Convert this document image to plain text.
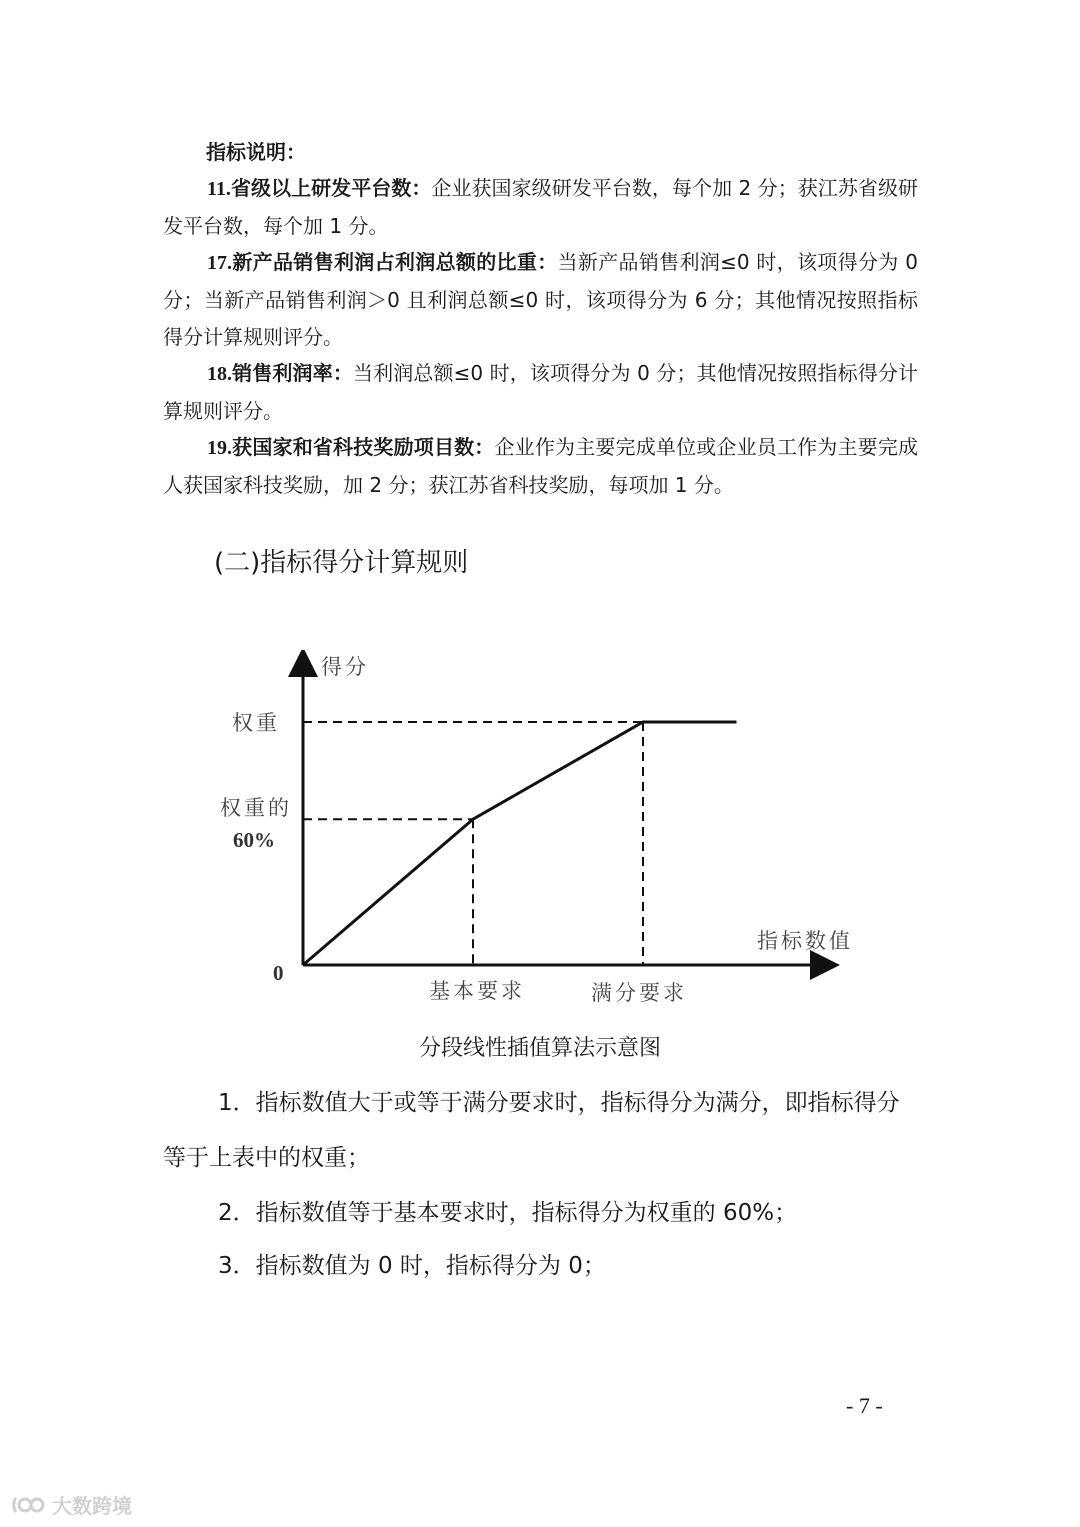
指标说明：
11.省级以上研发平台数：企业获国家级研发平台数，每个加 2 分；获江苏省级研发平台数，每个加 1 分。
17.新产品销售利润占利润总额的比重：当新产品销售利润≤0 时，该项得分为 0 分；当新产品销售利润＞0 且利润总额≤0 时，该项得分为 6 分；其他情况按照指标得分计算规则评分。
18.销售利润率：当利润总额≤0 时，该项得分为 0 分；其他情况按照指标得分计算规则评分。
19.获国家和省科技奖励项目数：企业作为主要完成单位或企业员工作为主要完成人获国家科技奖励，加 2 分；获江苏省科技奖励，每项加 1 分。
(二)指标得分计算规则
得分
指标数值
0
基本要求	满分要求
权重的
60%
权重
分段线性插值算法示意图
1．指标数值大于或等于满分要求时，指标得分为满分，即指标得分等于上表中的权重；
2．指标数值等于基本要求时，指标得分为权重的 60%；
3．指标数值为 0 时，指标得分为 0；
- 7 -
大数跨境
